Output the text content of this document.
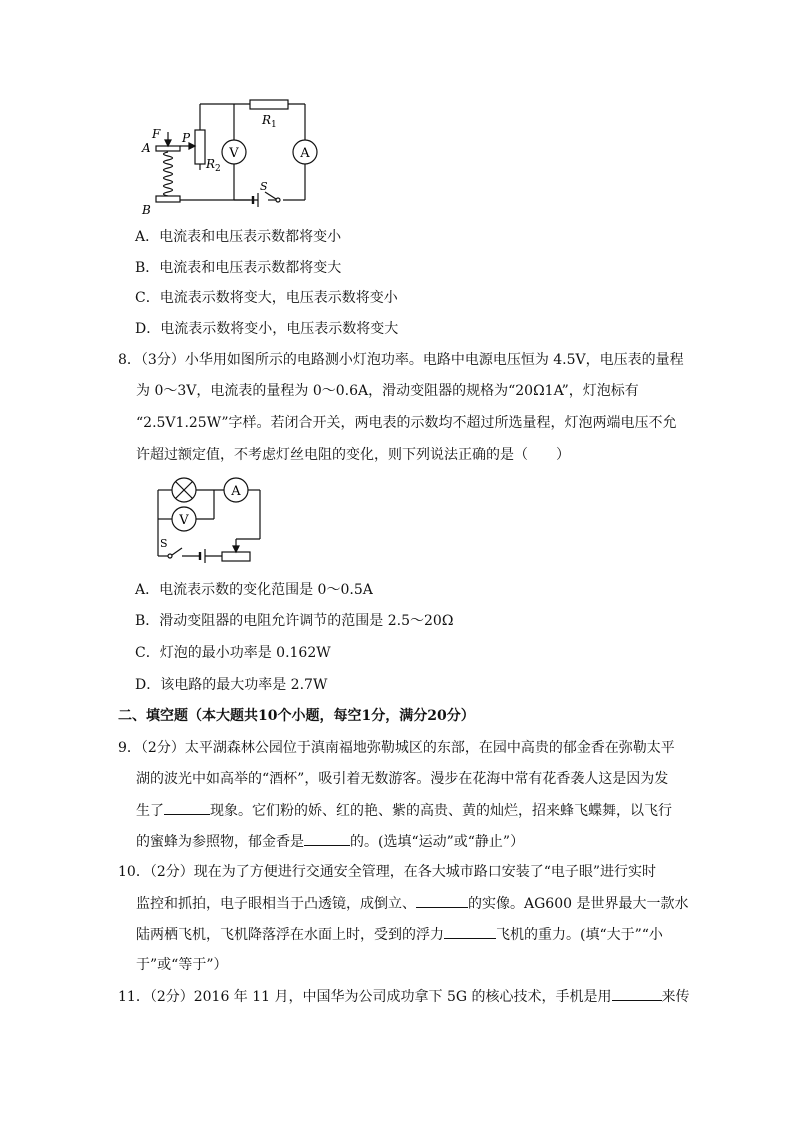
F
A
P
B
$R_1$
$R_2$
V	A
S
A．电流表和电压表示数都将变小
B．电流表和电压表示数都将变大
C．电流表示数将变大，电压表示数将变小
D．电流表示数将变小，电压表示数将变大
8．（3分）小华用如图所示的电路测小灯泡功率。电路中电源电压恒为 4.5V，电压表的量程
为 0～3V，电流表的量程为 0～0.6A，滑动变阻器的规格为“20Ω1A”，灯泡标有
“2.5V1.25W”字样。若闭合开关，两电表的示数均不超过所选量程，灯泡两端电压不允
许超过额定值，不考虑灯丝电阻的变化，则下列说法正确的是（　　）
V
A
S
A．电流表示数的变化范围是 0～0.5A
B．滑动变阻器的电阻允许调节的范围是 2.5～20Ω
C．灯泡的最小功率是 0.162W
D．该电路的最大功率是 2.7W
二、填空题（本大题共10个小题，每空1分，满分20分）
9．（2分）太平湖森林公园位于滇南福地弥勒城区的东部，在园中高贵的郁金香在弥勒太平
湖的波光中如高举的“酒杯”，吸引着无数游客。漫步在花海中常有花香袭人这是因为发
生了	现象。它们粉的娇、红的艳、紫的高贵、黄的灿烂，招来蜂飞蝶舞，以飞行
的蜜蜂为参照物，郁金香是	的。(选填“运动”或“静止”）
10．（2分）现在为了方便进行交通安全管理，在各大城市路口安装了“电子眼”进行实时
监控和抓拍，电子眼相当于凸透镜，成倒立、	的实像。AG600 是世界最大一款水
陆两栖飞机，飞机降落浮在水面上时，受到的浮力	飞机的重力。(填“大于”“小
于”或“等于”）
11．（2分）2016 年 11 月，中国华为公司成功拿下 5G 的核心技术，手机是用	来传
